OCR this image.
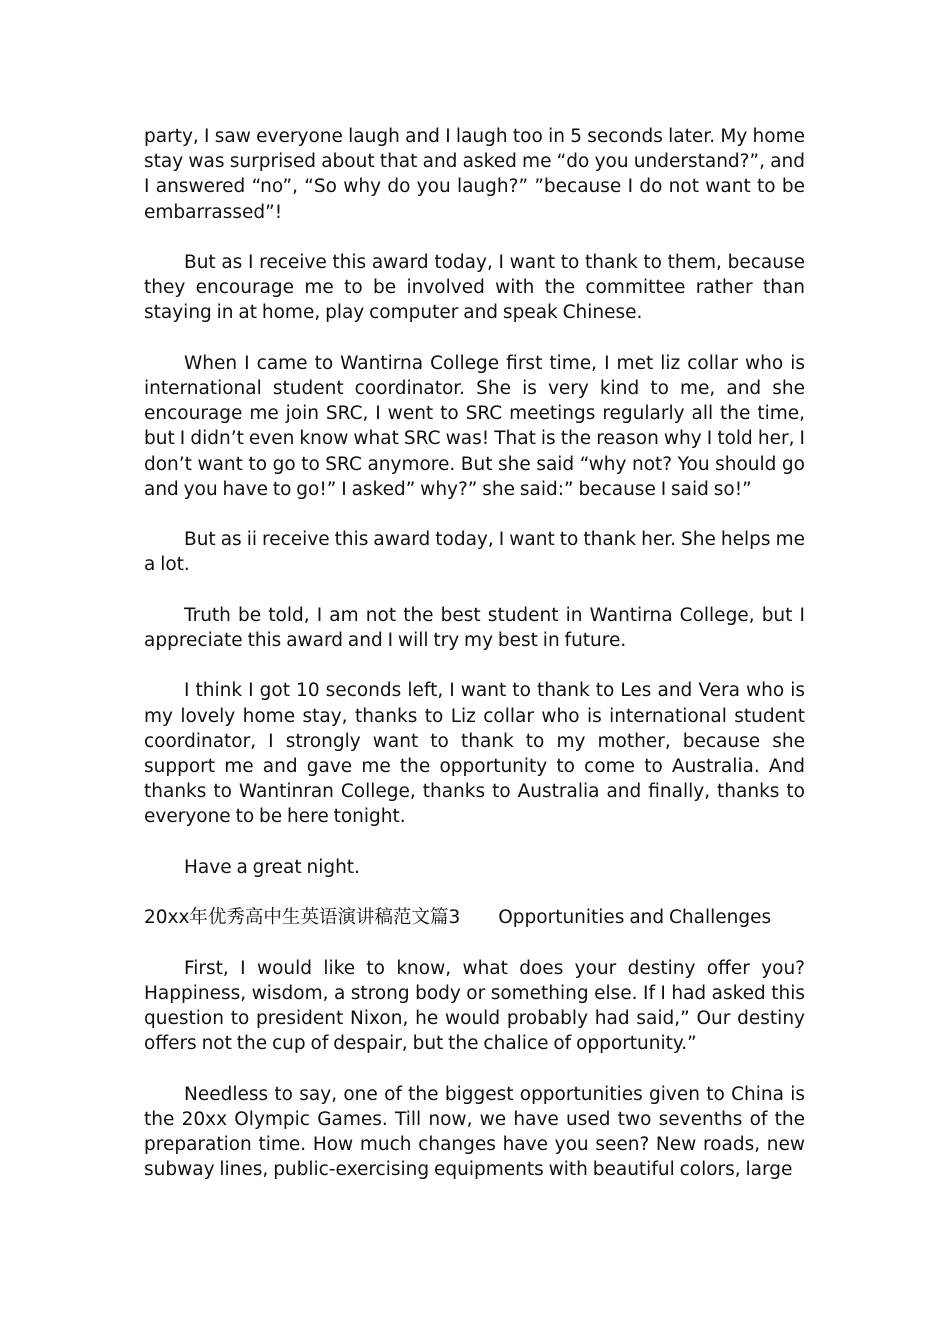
party, I saw everyone laugh and I laugh too in 5 seconds later. My home stay was surprised about that and asked me “do you understand?”, and I answered “no”, “So why do you laugh?” ”because I do not want to be embarrassed”!

But as I receive this award today, I want to thank to them, because they encourage me to be involved with the committee rather than staying in at home, play computer and speak Chinese.

When I came to Wantirna College first time, I met liz collar who is international student coordinator. She is very kind to me, and she encourage me join SRC, I went to SRC meetings regularly all the time, but I didn’t even know what SRC was! That is the reason why I told her, I don’t want to go to SRC anymore. But she said “why not? You should go and you have to go!” I asked” why?” she said:” because I said so!”

But as ii receive this award today, I want to thank her. She helps me a lot.

Truth be told, I am not the best student in Wantirna College, but I appreciate this award and I will try my best in future.

I think I got 10 seconds left, I want to thank to Les and Vera who is my lovely home stay, thanks to Liz collar who is international student coordinator, I strongly want to thank to my mother, because she support me and gave me the opportunity to come to Australia. And thanks to Wantinran College, thanks to Australia and finally, thanks to everyone to be here tonight.

Have a great night.

20xx年优秀高中生英语演讲稿范文篇3 Opportunities and Challenges

First, I would like to know, what does your destiny offer you? Happiness, wisdom, a strong body or something else. If I had asked this question to president Nixon, he would probably had said,” Our destiny offers not the cup of despair, but the chalice of opportunity.”

Needless to say, one of the biggest opportunities given to China is the 20xx Olympic Games. Till now, we have used two sevenths of the preparation time. How much changes have you seen? New roads, new subway lines, public-exercising equipments with beautiful colors, large
